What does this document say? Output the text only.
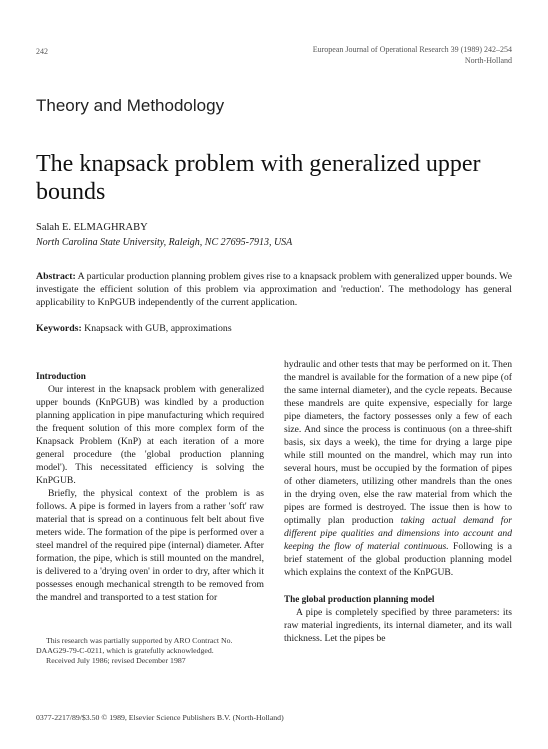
242	European Journal of Operational Research 39 (1989) 242–254
North-Holland
Theory and Methodology
The knapsack problem with generalized upper bounds
Salah E. ELMAGHRABY
North Carolina State University, Raleigh, NC 27695-7913, USA
Abstract: A particular production planning problem gives rise to a knapsack problem with generalized upper bounds. We investigate the efficient solution of this problem via approximation and 'reduction'. The methodology has general applicability to KnPGUB independently of the current application.
Keywords: Knapsack with GUB, approximations

Introduction

Our interest in the knapsack problem with generalized upper bounds (KnPGUB) was kindled by a production planning application in pipe manufacturing which required the frequent solution of this more complex form of the Knapsack Problem (KnP) at each iteration of a more general procedure (the 'global production planning model'). This necessitated efficiency is solving the KnPGUB.

Briefly, the physical context of the problem is as follows. A pipe is formed in layers from a rather 'soft' raw material that is spread on a continuous felt belt about five meters wide. The formation of the pipe is performed over a steel mandrel of the required pipe (internal) diameter. After formation, the pipe, which is still mounted on the mandrel, is delivered to a 'drying oven' in order to dry, after which it possesses enough mechanical strength to be removed from the mandrel and transported to a test station for

This research was partially supported by ARO Contract No. DAAG29-79-C-0211, which is gratefully acknowledged.

Received July 1986; revised December 1987

0377-2217/89/$3.50 © 1989, Elsevier Science Publishers B.V. (North-Holland)

hydraulic and other tests that may be performed on it. Then the mandrel is available for the formation of a new pipe (of the same internal diameter), and the cycle repeats. Because these mandrels are quite expensive, especially for large pipe diameters, the factory possesses only a few of each size. And since the process is continuous (on a three-shift basis, six days a week), the time for drying a large pipe while still mounted on the mandrel, which may run into several hours, must be occupied by the formation of pipes of other diameters, utilizing other mandrels than the ones in the drying oven, else the raw material from which the pipes are formed is destroyed. The issue then is how to optimally plan production taking actual demand for different pipe qualities and dimensions into account and keeping the flow of material continuous. Following is a brief statement of the global production planning model which explains the context of the KnPGUB.

The global production planning model

A pipe is completely specified by three parameters: its raw material ingredients, its internal diameter, and its wall thickness. Let the pipes be
